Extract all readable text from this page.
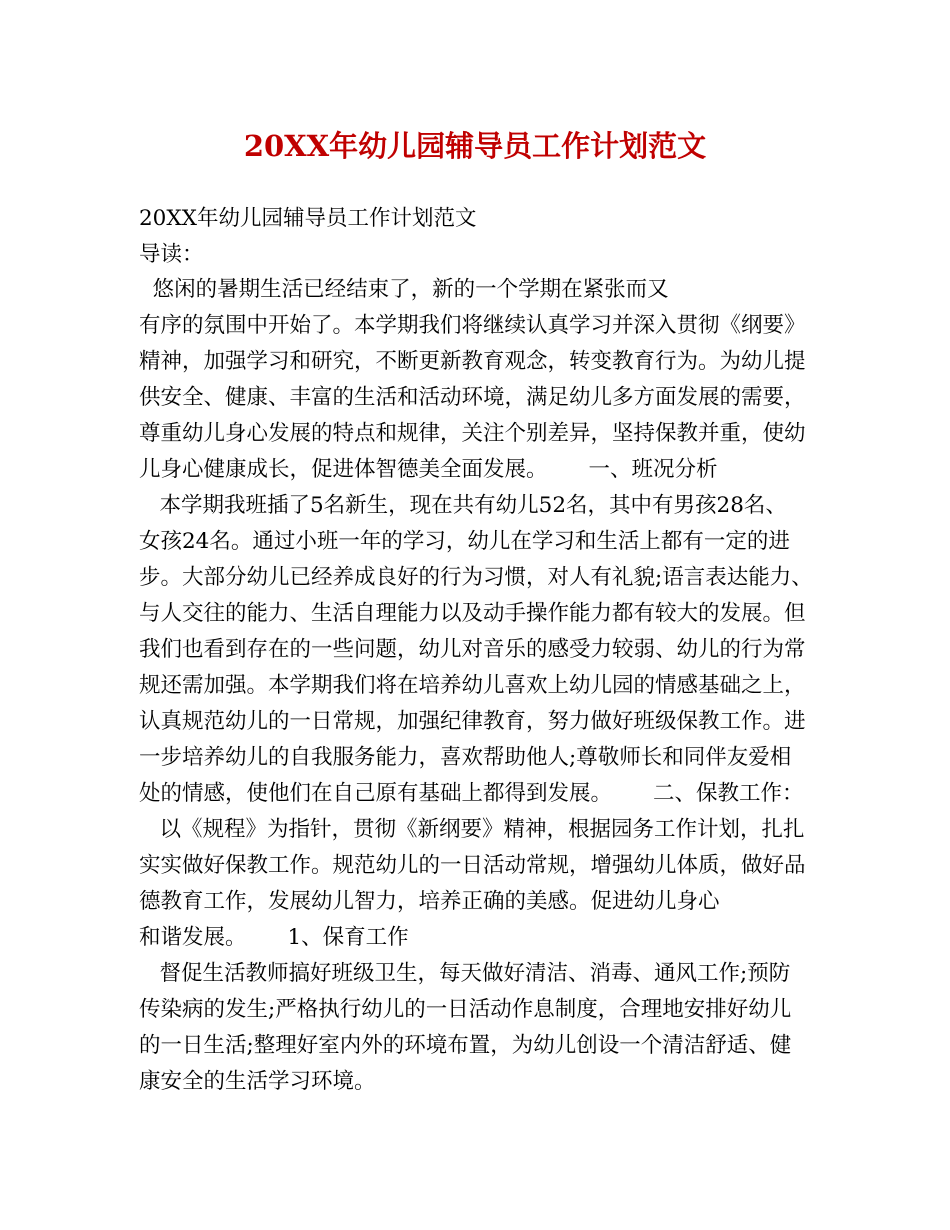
20XX年幼儿园辅导员工作计划范文
20XX年幼儿园辅导员工作计划范文
导读：
悠闲的暑期生活已经结束了，新的一个学期在紧张而又
有序的氛围中开始了。本学期我们将继续认真学习并深入贯彻《纲要》
精神，加强学习和研究，不断更新教育观念，转变教育行为。为幼儿提
供安全、健康、丰富的生活和活动环境，满足幼儿多方面发展的需要，
尊重幼儿身心发展的特点和规律，关注个别差异，坚持保教并重，使幼
儿身心健康成长，促进体智德美全面发展。      一、班况分析
本学期我班插了5名新生，现在共有幼儿52名，其中有男孩28名、
女孩24名。通过小班一年的学习，幼儿在学习和生活上都有一定的进
步。大部分幼儿已经养成良好的行为习惯，对人有礼貌;语言表达能力、
与人交往的能力、生活自理能力以及动手操作能力都有较大的发展。但
我们也看到存在的一些问题，幼儿对音乐的感受力较弱、幼儿的行为常
规还需加强。本学期我们将在培养幼儿喜欢上幼儿园的情感基础之上，
认真规范幼儿的一日常规，加强纪律教育，努力做好班级保教工作。进
一步培养幼儿的自我服务能力，喜欢帮助他人;尊敬师长和同伴友爱相
处的情感，使他们在自己原有基础上都得到发展。      二、保教工作：
以《规程》为指针，贯彻《新纲要》精神，根据园务工作计划，扎扎
实实做好保教工作。规范幼儿的一日活动常规，增强幼儿体质，做好品
德教育工作，发展幼儿智力，培养正确的美感。促进幼儿身心
和谐发展。      1、保育工作
督促生活教师搞好班级卫生，每天做好清洁、消毒、通风工作;预防
传染病的发生;严格执行幼儿的一日活动作息制度，合理地安排好幼儿
的一日生活;整理好室内外的环境布置，为幼儿创设一个清洁舒适、健
康安全的生活学习环境。
